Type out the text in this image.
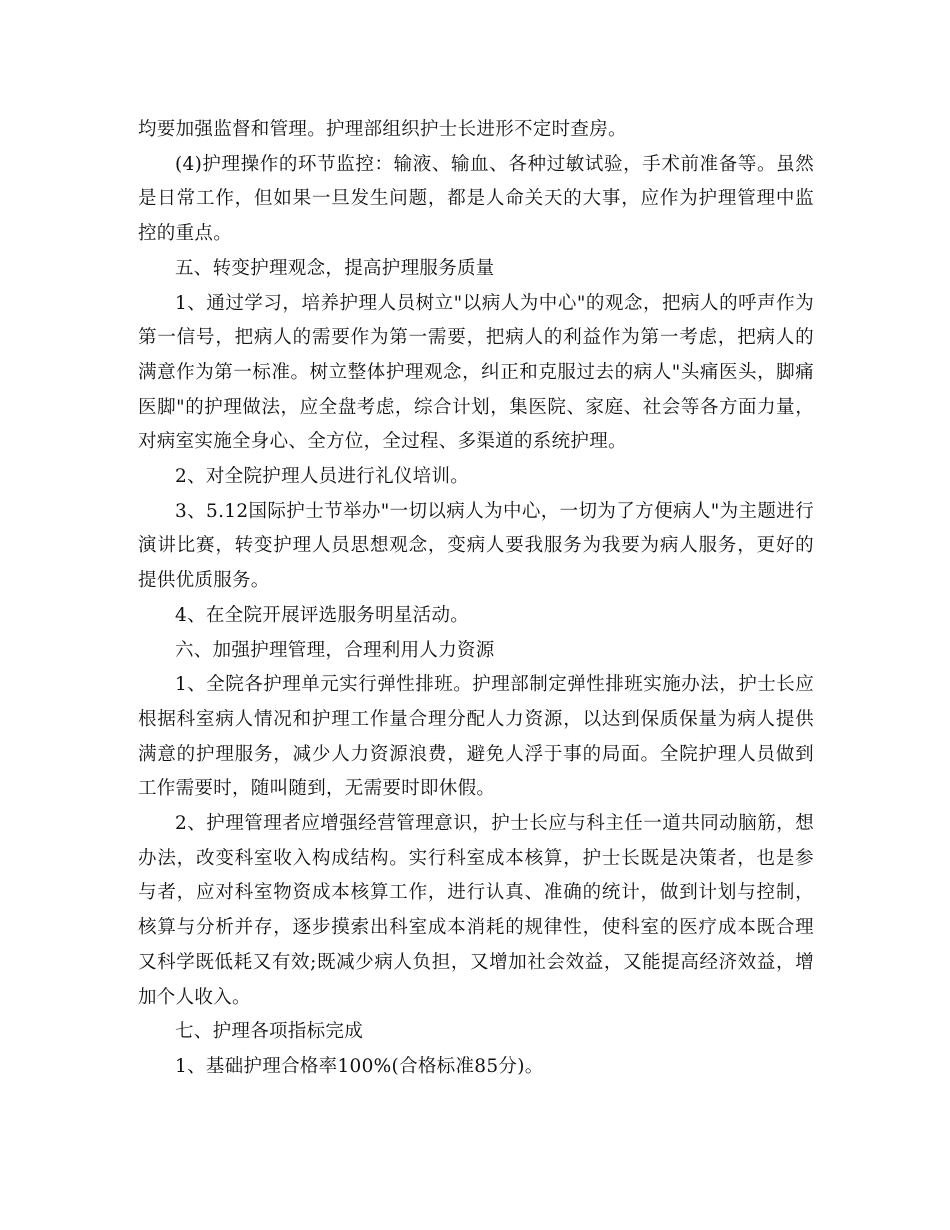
均要加强监督和管理。护理部组织护士长进形不定时查房。

(4)护理操作的环节监控：输液、输血、各种过敏试验，手术前准备等。虽然是日常工作，但如果一旦发生问题，都是人命关天的大事，应作为护理管理中监控的重点。

五、转变护理观念，提高护理服务质量

1、通过学习，培养护理人员树立"以病人为中心"的观念，把病人的呼声作为第一信号，把病人的需要作为第一需要，把病人的利益作为第一考虑，把病人的满意作为第一标准。树立整体护理观念，纠正和克服过去的病人"头痛医头，脚痛医脚"的护理做法，应全盘考虑，综合计划，集医院、家庭、社会等各方面力量，对病室实施全身心、全方位，全过程、多渠道的系统护理。

2、对全院护理人员进行礼仪培训。

3、5.12国际护士节举办"一切以病人为中心，一切为了方便病人"为主题进行演讲比赛，转变护理人员思想观念，变病人要我服务为我要为病人服务，更好的提供优质服务。

4、在全院开展评选服务明星活动。

六、加强护理管理，合理利用人力资源

1、全院各护理单元实行弹性排班。护理部制定弹性排班实施办法，护士长应根据科室病人情况和护理工作量合理分配人力资源，以达到保质保量为病人提供满意的护理服务，减少人力资源浪费，避免人浮于事的局面。全院护理人员做到工作需要时，随叫随到，无需要时即休假。

2、护理管理者应增强经营管理意识，护士长应与科主任一道共同动脑筋，想办法，改变科室收入构成结构。实行科室成本核算，护士长既是决策者，也是参与者，应对科室物资成本核算工作，进行认真、准确的统计，做到计划与控制，核算与分析并存，逐步摸索出科室成本消耗的规律性，使科室的医疗成本既合理又科学既低耗又有效;既减少病人负担，又增加社会效益，又能提高经济效益，增加个人收入。

七、护理各项指标完成

1、基础护理合格率100%(合格标准85分)。
